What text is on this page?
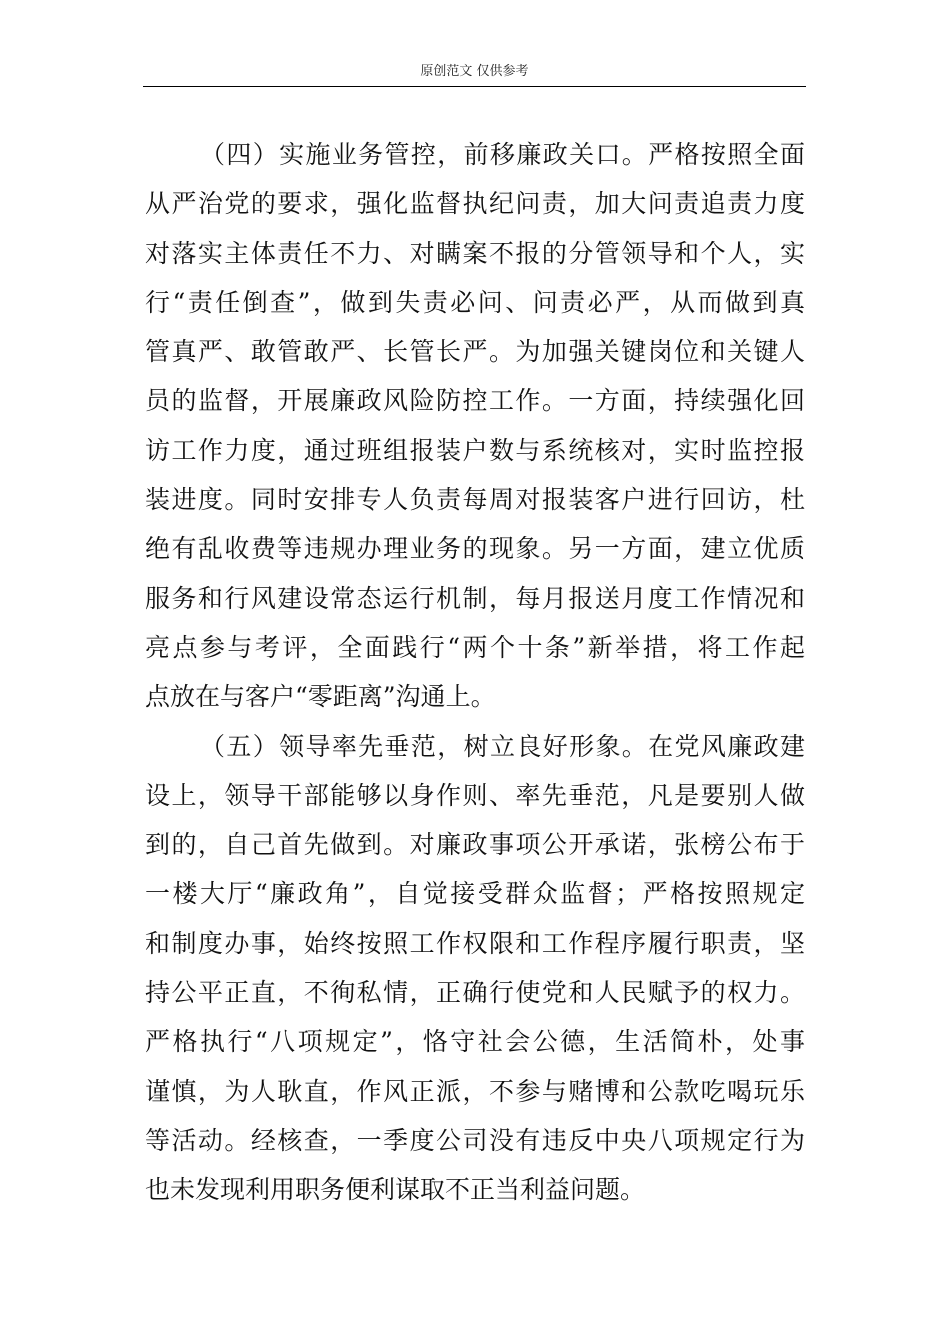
原创范文 仅供参考
（四）实施业务管控，前移廉政关口。严格按照全面
从严治党的要求，强化监督执纪问责，加大问责追责力度
对落实主体责任不力、对瞒案不报的分管领导和个人，实
行“责任倒查”，做到失责必问、问责必严，从而做到真
管真严、敢管敢严、长管长严。为加强关键岗位和关键人
员的监督，开展廉政风险防控工作。一方面，持续强化回
访工作力度，通过班组报装户数与系统核对，实时监控报
装进度。同时安排专人负责每周对报装客户进行回访，杜
绝有乱收费等违规办理业务的现象。另一方面，建立优质
服务和行风建设常态运行机制，每月报送月度工作情况和
亮点参与考评，全面践行“两个十条”新举措，将工作起
点放在与客户“零距离”沟通上。
（五）领导率先垂范，树立良好形象。在党风廉政建
设上，领导干部能够以身作则、率先垂范，凡是要别人做
到的，自己首先做到。对廉政事项公开承诺，张榜公布于
一楼大厅“廉政角”，自觉接受群众监督；严格按照规定
和制度办事，始终按照工作权限和工作程序履行职责，坚
持公平正直，不徇私情，正确行使党和人民赋予的权力。
严格执行“八项规定”，恪守社会公德，生活简朴，处事
谨慎，为人耿直，作风正派，不参与赌博和公款吃喝玩乐
等活动。经核查，一季度公司没有违反中央八项规定行为
也未发现利用职务便利谋取不正当利益问题。
